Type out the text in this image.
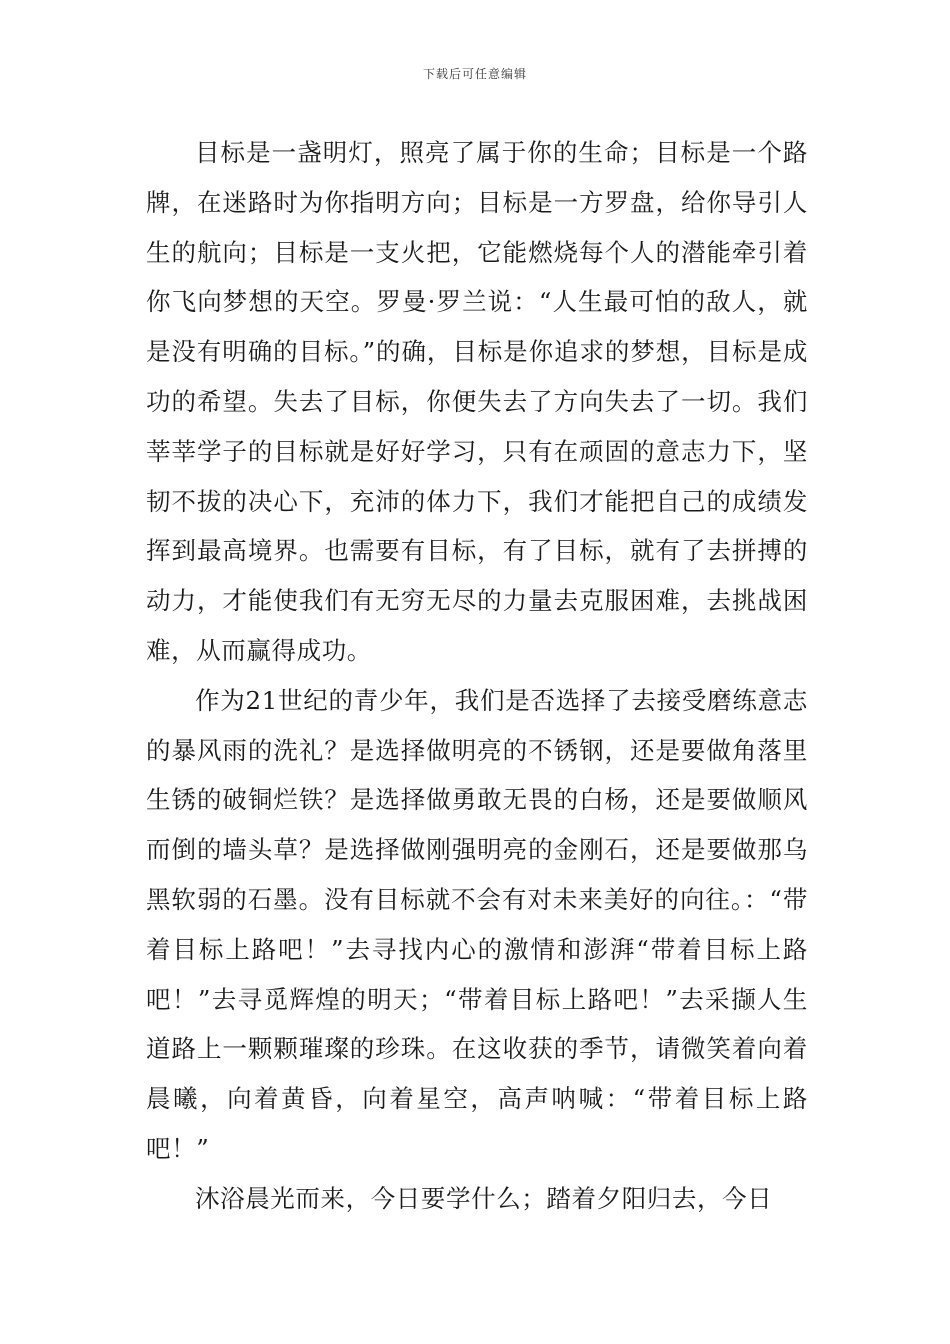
下载后可任意编辑

目标是一盏明灯，照亮了属于你的生命；目标是一个路牌，在迷路时为你指明方向；目标是一方罗盘，给你导引人生的航向；目标是一支火把，它能燃烧每个人的潜能牵引着你飞向梦想的天空。罗曼·罗兰说：“人生最可怕的敌人，就是没有明确的目标。”的确，目标是你追求的梦想，目标是成功的希望。失去了目标，你便失去了方向失去了一切。我们莘莘学子的目标就是好好学习，只有在顽固的意志力下，坚韧不拔的决心下，充沛的体力下，我们才能把自己的成绩发挥到最高境界。也需要有目标，有了目标，就有了去拼搏的动力，才能使我们有无穷无尽的力量去克服困难，去挑战困难，从而赢得成功。

作为21世纪的青少年，我们是否选择了去接受磨练意志的暴风雨的洗礼？是选择做明亮的不锈钢，还是要做角落里生锈的破铜烂铁？是选择做勇敢无畏的白杨，还是要做顺风而倒的墙头草？是选择做刚强明亮的金刚石，还是要做那乌黑软弱的石墨。没有目标就不会有对未来美好的向往。：“带着目标上路吧！”去寻找内心的激情和澎湃“带着目标上路吧！”去寻觅辉煌的明天；“带着目标上路吧！”去采撷人生道路上一颗颗璀璨的珍珠。在这收获的季节，请微笑着向着晨曦，向着黄昏，向着星空，高声呐喊：“带着目标上路吧！”

沐浴晨光而来，今日要学什么；踏着夕阳归去，今日
